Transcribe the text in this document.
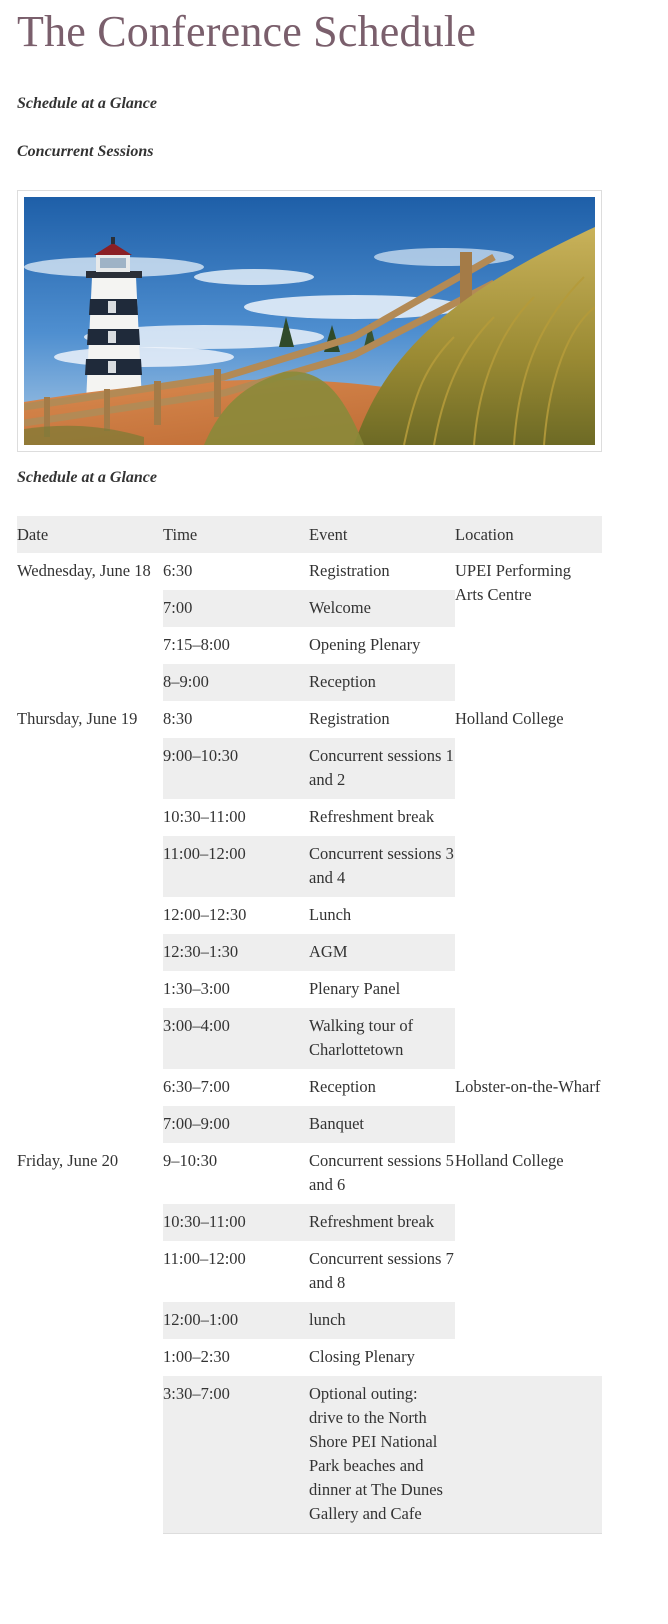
The Conference Schedule
Schedule at a Glance
Concurrent Sessions
Schedule at a Glance
Date	Time	Event	Location
Wednesday, June 18	6:30	Registration	UPEI Performing Arts Centre
	7:00	Welcome	
	7:15–8:00	Opening Plenary	
	8–9:00	Reception	
Thursday, June 19	8:30	Registration	Holland College
	9:00–10:30	Concurrent sessions 1 and 2	
	10:30–11:00	Refreshment break	
	11:00–12:00	Concurrent sessions 3 and 4	
	12:00–12:30	Lunch	
	12:30–1:30	AGM	
	1:30–3:00	Plenary Panel	
	3:00–4:00	Walking tour of Charlottetown	
	6:30–7:00	Reception	Lobster-on-the-Wharf
	7:00–9:00	Banquet	
Friday, June 20	9–10:30	Concurrent sessions 5 and 6	Holland College
	10:30–11:00	Refreshment break	
	11:00–12:00	Concurrent sessions 7 and 8	
	12:00–1:00	lunch	
	1:00–2:30	Closing Plenary	
	3:30–7:00	Optional outing: drive to the North Shore PEI National Park beaches and dinner at The Dunes Gallery and Cafe	
